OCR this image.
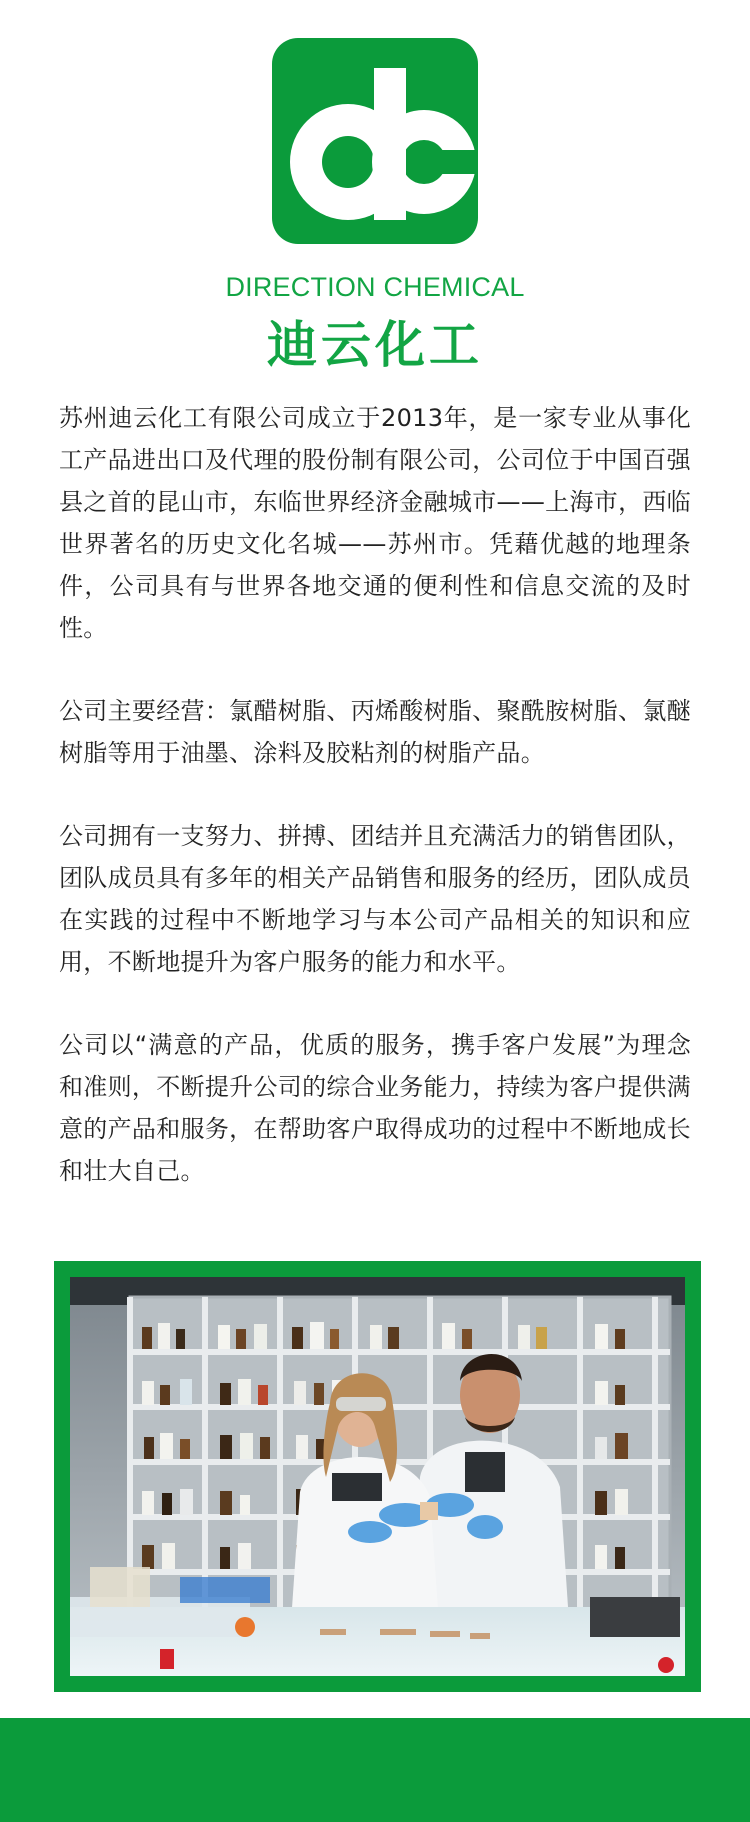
DIRECTION CHEMICAL
迪云化工

苏州迪云化工有限公司成立于2013年，是一家专业从事化工产品进出口及代理的股份制有限公司，公司位于中国百强县之首的昆山市，东临世界经济金融城市——上海市，西临世界著名的历史文化名城——苏州市。凭藉优越的地理条件，公司具有与世界各地交通的便利性和信息交流的及时性。

公司主要经营：氯醋树脂、丙烯酸树脂、聚酰胺树脂、氯醚树脂等用于油墨、涂料及胶粘剂的树脂产品。

公司拥有一支努力、拼搏、团结并且充满活力的销售团队，团队成员具有多年的相关产品销售和服务的经历，团队成员在实践的过程中不断地学习与本公司产品相关的知识和应用，不断地提升为客户服务的能力和水平。

公司以“满意的产品，优质的服务，携手客户发展”为理念和准则，不断提升公司的综合业务能力，持续为客户提供满意的产品和服务，在帮助客户取得成功的过程中不断地成长和壮大自己。
